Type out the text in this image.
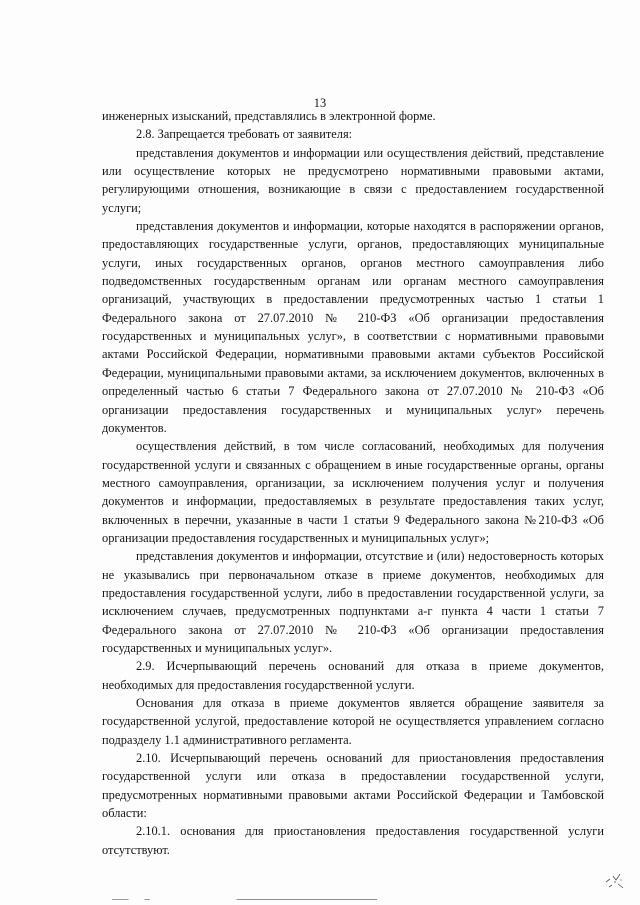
13

инженерных изысканий, представлялись в электронной форме.

2.8. Запрещается требовать от заявителя:

представления документов и информации или осуществления действий, представление или осуществление которых не предусмотрено нормативными правовыми актами, регулирующими отношения, возникающие в связи с предоставлением государственной услуги;

представления документов и информации, которые находятся в распоряжении органов, предоставляющих государственные услуги, органов, предоставляющих муниципальные услуги, иных государственных органов, органов местного самоуправления либо подведомственных государственным органам или органам местного самоуправления организаций, участвующих в предоставлении предусмотренных частью 1 статьи 1 Федерального закона от 27.07.2010 № 210-ФЗ «Об организации предоставления государственных и муниципальных услуг», в соответствии с нормативными правовыми актами Российской Федерации, нормативными правовыми актами субъектов Российской Федерации, муниципальными правовыми актами, за исключением документов, включенных в определенный частью 6 статьи 7 Федерального закона от 27.07.2010 № 210-ФЗ «Об организации предоставления государственных и муниципальных услуг» перечень документов.

осуществления действий, в том числе согласований, необходимых для получения государственной услуги и связанных с обращением в иные государственные органы, органы местного самоуправления, организации, за исключением получения услуг и получения документов и информации, предоставляемых в результате предоставления таких услуг, включенных в перечни, указанные в части 1 статьи 9 Федерального закона №210-ФЗ «Об организации предоставления государственных и муниципальных услуг»;

представления документов и информации, отсутствие и (или) недостоверность которых не указывались при первоначальном отказе в приеме документов, необходимых для предоставления государственной услуги, либо в предоставлении государственной услуги, за исключением случаев, предусмотренных подпунктами а-г пункта 4 части 1 статьи 7 Федерального закона от 27.07.2010 № 210-ФЗ «Об организации предоставления государственных и муниципальных услуг».

2.9. Исчерпывающий перечень оснований для отказа в приеме документов, необходимых для предоставления государственной услуги.

Основания для отказа в приеме документов является обращение заявителя за государственной услугой, предоставление которой не осуществляется управлением согласно подразделу 1.1 административного регламента.

2.10. Исчерпывающий перечень оснований для приостановления предоставления государственной услуги или отказа в предоставлении государственной услуги, предусмотренных нормативными правовыми актами Российской Федерации и Тамбовской области:

2.10.1. основания для приостановления предоставления государственной услуги отсутствуют.
